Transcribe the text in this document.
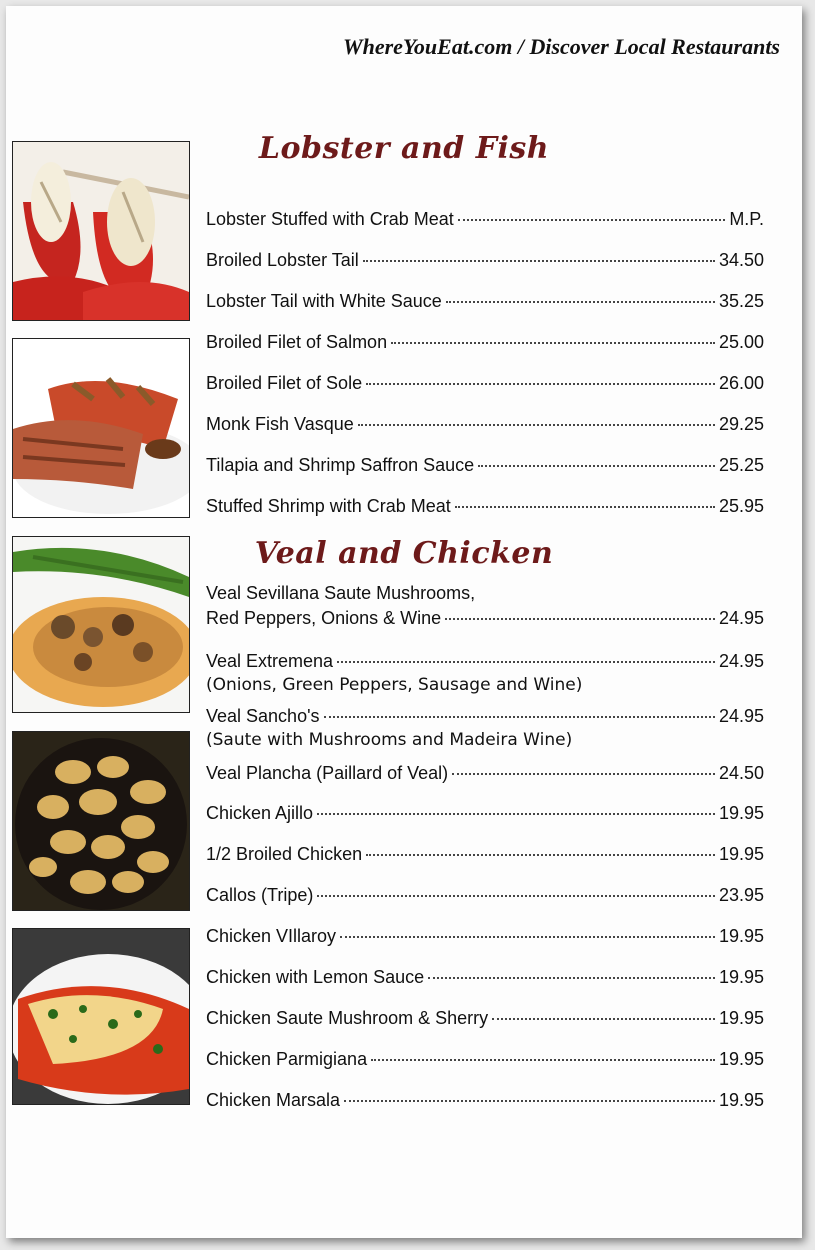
WhereYouEat.com / Discover Local Restaurants
Lobster and Fish
Lobster Stuffed with Crab Meat	M.P.
Broiled Lobster Tail	34.50
Lobster Tail with White Sauce	35.25
Broiled Filet of Salmon	25.00
Broiled Filet of Sole	26.00
Monk Fish Vasque	29.25
Tilapia and Shrimp Saffron Sauce	25.25
Stuffed Shrimp with Crab Meat	25.95
Veal and Chicken
Veal Sevillana Saute Mushrooms,
Red Peppers, Onions & Wine	24.95
Veal Extremena	24.95
(Onions, Green Peppers, Sausage and Wine)
Veal Sancho's	24.95
(Saute with Mushrooms and Madeira Wine)
Veal Plancha (Paillard of Veal)	24.50
Chicken Ajillo	19.95
1/2 Broiled Chicken	19.95
Callos (Tripe)	23.95
Chicken VIllaroy	19.95
Chicken with Lemon Sauce	19.95
Chicken Saute Mushroom & Sherry	19.95
Chicken Parmigiana	19.95
Chicken Marsala	19.95
